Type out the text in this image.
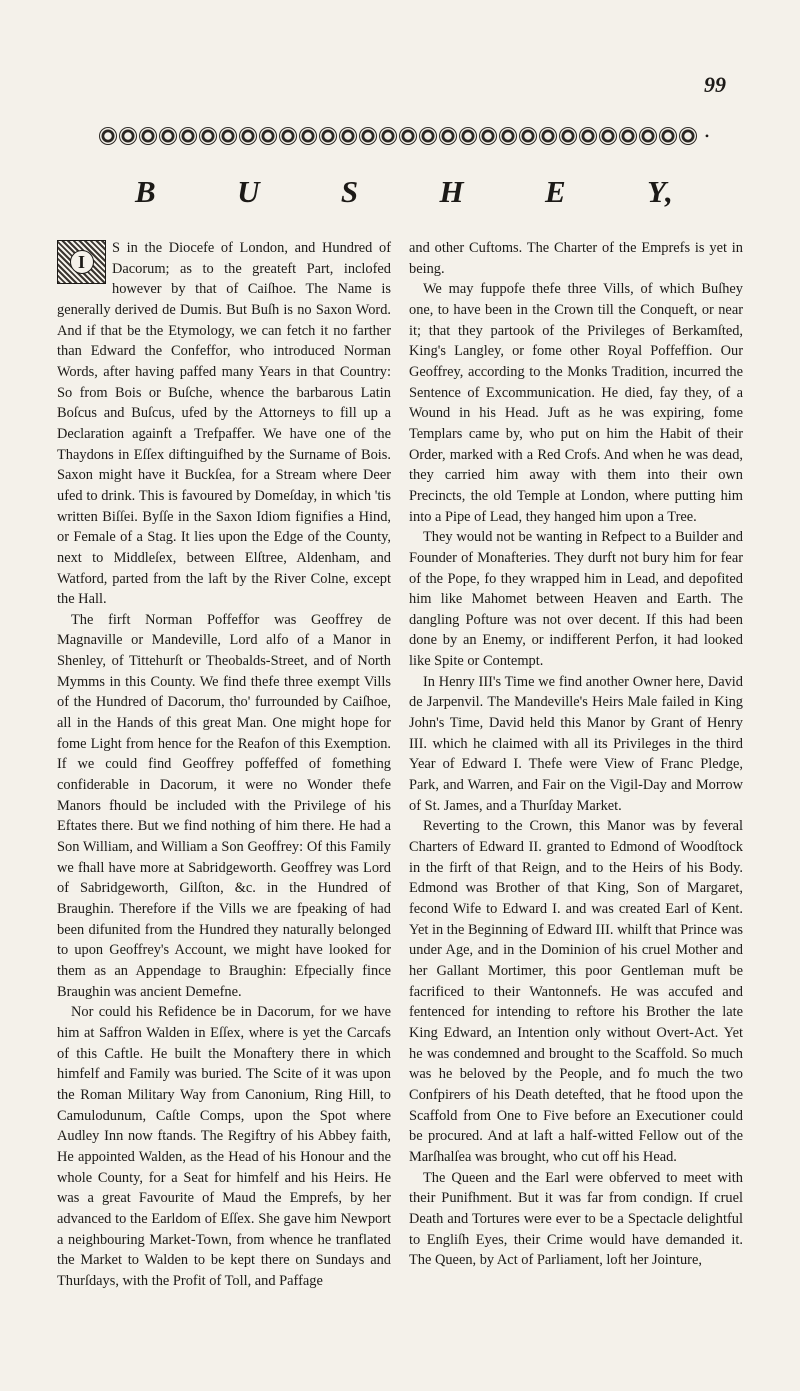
99
•
B	U	S	H	E	Y,
I

S in the Diocefe of London, and Hundred of Dacorum; as to the greateft Part, inclofed however by that of Caiſhoe. The Name is generally derived de Dumis. But Buſh is no Saxon Word. And if that be the Etymology, we can fetch it no farther than Edward the Confeffor, who introduced Norman Words, after having paffed many Years in that Country: So from Bois or Buſche, whence the barbarous Latin Boſcus and Buſcus, ufed by the Attorneys to fill up a Declaration againft a Trefpaffer. We have one of the Thaydons in Eſſex diftinguifhed by the Surname of Bois. Saxon might have it Buckſea, for a Stream where Deer ufed to drink. This is favoured by Domeſday, in which 'tis written Biſſei. Byſſe in the Saxon Idiom fignifies a Hind, or Female of a Stag. It lies upon the Edge of the County, next to Middleſex, between Elſtree, Aldenham, and Watford, parted from the laft by the River Colne, except the Hall.

The firft Norman Poffeffor was Geoffrey de Magnaville or Mandeville, Lord alfo of a Manor in Shenley, of Tittehurſt or Theobalds-Street, and of North Mymms in this County. We find thefe three exempt Vills of the Hundred of Dacorum, tho' furrounded by Caiſhoe, all in the Hands of this great Man. One might hope for fome Light from hence for the Reafon of this Exemption. If we could find Geoffrey poffeffed of fomething confiderable in Dacorum, it were no Wonder thefe Manors fhould be included with the Privilege of his Eftates there. But we find nothing of him there. He had a Son William, and William a Son Geoffrey: Of this Family we fhall have more at Sabridgeworth. Geoffrey was Lord of Sabridgeworth, Gilſton, &c. in the Hundred of Braughin. Therefore if the Vills we are fpeaking of had been difunited from the Hundred they naturally belonged to upon Geoffrey's Account, we might have looked for them as an Appendage to Braughin: Efpecially fince Braughin was ancient Demefne.

Nor could his Refidence be in Dacorum, for we have him at Saffron Walden in Eſſex, where is yet the Carcafs of this Caftle. He built the Monaftery there in which himfelf and Family was buried. The Scite of it was upon the Roman Military Way from Canonium, Ring Hill, to Camulodunum, Caſtle Comps, upon the Spot where Audley Inn now ftands. The Regiftry of his Abbey faith, He appointed Walden, as the Head of his Honour and the whole County, for a Seat for himfelf and his Heirs. He was a great Favourite of Maud the Emprefs, by her advanced to the Earldom of Eſſex. She gave him Newport a neighbouring Market-Town, from whence he tranflated the Market to Walden to be kept there on Sundays and Thurſdays, with the Profit of Toll, and Paffage

and other Cuftoms. The Charter of the Emprefs is yet in being.

We may fuppofe thefe three Vills, of which Buſhey one, to have been in the Crown till the Conqueft, or near it; that they partook of the Privileges of Berkamſted, King's Langley, or fome other Royal Poffeffion. Our Geoffrey, according to the Monks Tradition, incurred the Sentence of Excommunication. He died, fay they, of a Wound in his Head. Juft as he was expiring, fome Templars came by, who put on him the Habit of their Order, marked with a Red Crofs. And when he was dead, they carried him away with them into their own Precincts, the old Temple at London, where putting him into a Pipe of Lead, they hanged him upon a Tree.

They would not be wanting in Refpect to a Builder and Founder of Monafteries. They durft not bury him for fear of the Pope, fo they wrapped him in Lead, and depofited him like Mahomet between Heaven and Earth. The dangling Pofture was not over decent. If this had been done by an Enemy, or indifferent Perfon, it had looked like Spite or Contempt.

In Henry III's Time we find another Owner here, David de Jarpenvil. The Mandeville's Heirs Male failed in King John's Time, David held this Manor by Grant of Henry III. which he claimed with all its Privileges in the third Year of Edward I. Thefe were View of Franc Pledge, Park, and Warren, and Fair on the Vigil-Day and Morrow of St. James, and a Thurſday Market.

Reverting to the Crown, this Manor was by feveral Charters of Edward II. granted to Edmond of Woodſtock in the firft of that Reign, and to the Heirs of his Body. Edmond was Brother of that King, Son of Margaret, fecond Wife to Edward I. and was created Earl of Kent. Yet in the Beginning of Edward III. whilft that Prince was under Age, and in the Dominion of his cruel Mother and her Gallant Mortimer, this poor Gentleman muft be facrificed to their Wantonnefs. He was accufed and fentenced for intending to reftore his Brother the late King Edward, an Intention only without Overt-Act. Yet he was condemned and brought to the Scaffold. So much was he beloved by the People, and fo much the two Confpirers of his Death detefted, that he ftood upon the Scaffold from One to Five before an Executioner could be procured. And at laft a half-witted Fellow out of the Marſhalſea was brought, who cut off his Head.

The Queen and the Earl were obferved to meet with their Punifhment. But it was far from condign. If cruel Death and Tortures were ever to be a Spectacle delightful to Engliſh Eyes, their Crime would have demanded it. The Queen, by Act of Parliament, loft her Jointure,
